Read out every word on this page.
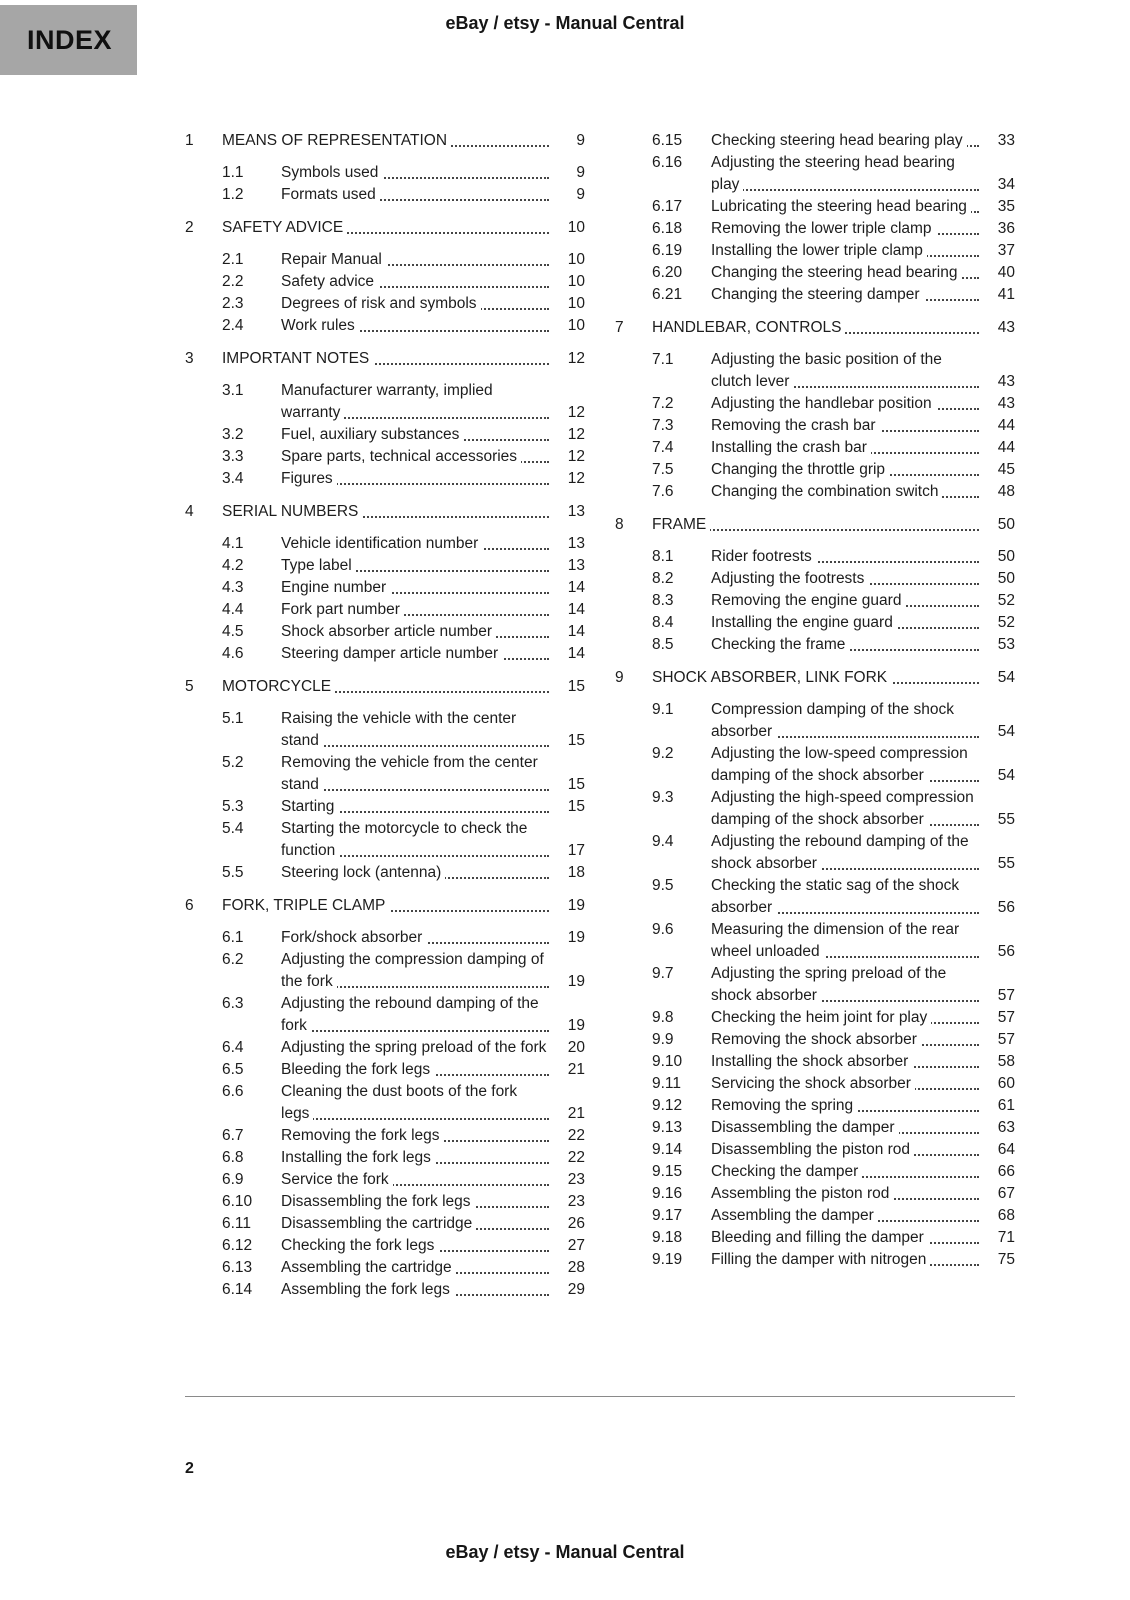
INDEX
eBay / etsy - Manual Central
1 MEANS OF REPRESENTATION	9
1.1 Symbols used	9
1.2 Formats used	9
2 SAFETY ADVICE	10
2.1 Repair Manual	10
2.2 Safety advice	10
2.3 Degrees of risk and symbols	10
2.4 Work rules	10
3 IMPORTANT NOTES	12
3.1 Manufacturer warranty, implied warranty	12
3.2 Fuel, auxiliary substances	12
3.3 Spare parts, technical accessories	12
3.4 Figures	12
4 SERIAL NUMBERS	13
4.1 Vehicle identification number	13
4.2 Type label	13
4.3 Engine number	14
4.4 Fork part number	14
4.5 Shock absorber article number	14
4.6 Steering damper article number	14
5 MOTORCYCLE	15
5.1 Raising the vehicle with the center stand	15
5.2 Removing the vehicle from the center stand	15
5.3 Starting	15
5.4 Starting the motorcycle to check the function	17
5.5 Steering lock (antenna)	18
6 FORK, TRIPLE CLAMP	19
6.1 Fork/shock absorber	19
6.2 Adjusting the compression damping of the fork	19
6.3 Adjusting the rebound damping of the fork	19
6.4 Adjusting the spring preload of the fork	20
6.5 Bleeding the fork legs	21
6.6 Cleaning the dust boots of the fork legs	21
6.7 Removing the fork legs	22
6.8 Installing the fork legs	22
6.9 Service the fork	23
6.10 Disassembling the fork legs	23
6.11 Disassembling the cartridge	26
6.12 Checking the fork legs	27
6.13 Assembling the cartridge	28
6.14 Assembling the fork legs	29
6.15 Checking steering head bearing play	33
6.16 Adjusting the steering head bearing play	34
6.17 Lubricating the steering head bearing	35
6.18 Removing the lower triple clamp	36
6.19 Installing the lower triple clamp	37
6.20 Changing the steering head bearing	40
6.21 Changing the steering damper	41
7 HANDLEBAR, CONTROLS	43
7.1 Adjusting the basic position of the clutch lever	43
7.2 Adjusting the handlebar position	43
7.3 Removing the crash bar	44
7.4 Installing the crash bar	44
7.5 Changing the throttle grip	45
7.6 Changing the combination switch	48
8 FRAME	50
8.1 Rider footrests	50
8.2 Adjusting the footrests	50
8.3 Removing the engine guard	52
8.4 Installing the engine guard	52
8.5 Checking the frame	53
9 SHOCK ABSORBER, LINK FORK	54
9.1 Compression damping of the shock absorber	54
9.2 Adjusting the low-speed compression damping of the shock absorber	54
9.3 Adjusting the high-speed compression damping of the shock absorber	55
9.4 Adjusting the rebound damping of the shock absorber	55
9.5 Checking the static sag of the shock absorber	56
9.6 Measuring the dimension of the rear wheel unloaded	56
9.7 Adjusting the spring preload of the shock absorber	57
9.8 Checking the heim joint for play	57
9.9 Removing the shock absorber	57
9.10 Installing the shock absorber	58
9.11 Servicing the shock absorber	60
9.12 Removing the spring	61
9.13 Disassembling the damper	63
9.14 Disassembling the piston rod	64
9.15 Checking the damper	66
9.16 Assembling the piston rod	67
9.17 Assembling the damper	68
9.18 Bleeding and filling the damper	71
9.19 Filling the damper with nitrogen	75
2
eBay / etsy - Manual Central
